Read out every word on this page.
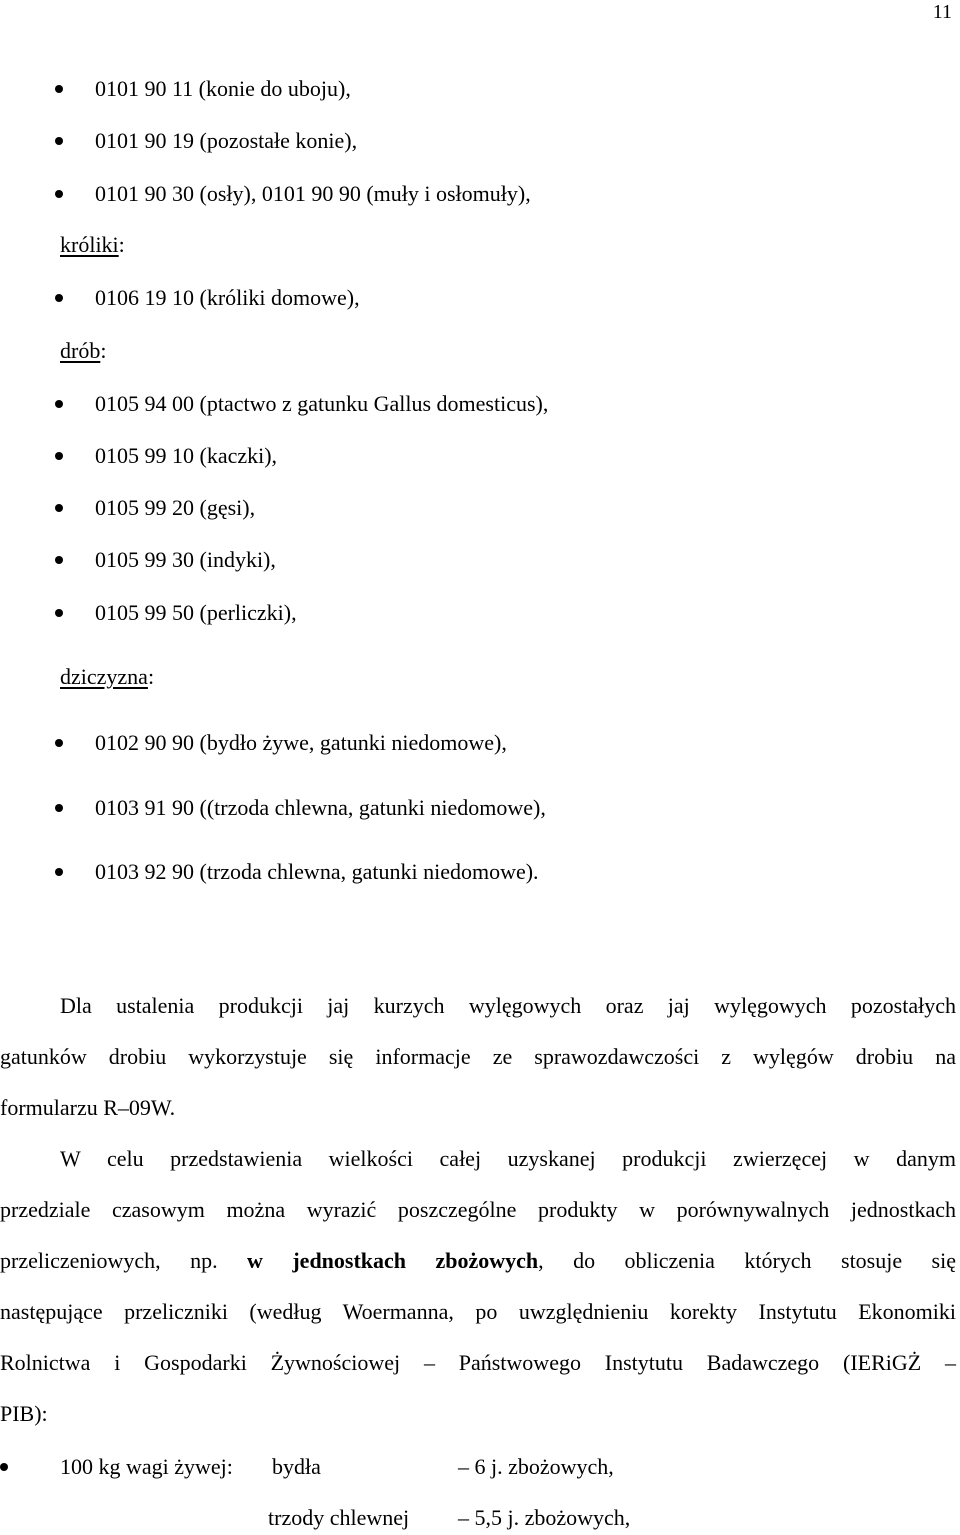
11
0101 90 11 (konie do uboju),
0101 90 19 (pozostałe konie),
0101 90 30 (osły), 0101 90 90 (muły i osłomuły),
króliki:
0106 19 10 (króliki domowe),
drób:
0105 94 00 (ptactwo z gatunku Gallus domesticus),
0105 99 10 (kaczki),
0105 99 20 (gęsi),
0105 99 30 (indyki),
0105 99 50 (perliczki),
dziczyzna:
0102 90 90 (bydło żywe, gatunki niedomowe),
0103 91 90 ((trzoda chlewna, gatunki niedomowe),
0103 92 90 (trzoda chlewna, gatunki niedomowe).
Dla ustalenia produkcji jaj kurzych wylęgowych oraz jaj wylęgowych pozostałych
gatunków drobiu wykorzystuje się informacje ze sprawozdawczości z wylęgów drobiu na
formularzu R–09W.
W celu przedstawienia wielkości całej uzyskanej produkcji zwierzęcej w danym
przedziale czasowym można wyrazić poszczególne produkty w porównywalnych jednostkach
przeliczeniowych, np. w jednostkach zbożowych, do obliczenia których stosuje się
następujące przeliczniki (według Woermanna, po uwzględnieniu korekty Instytutu Ekonomiki
Rolnictwa i Gospodarki Żywnościowej – Państwowego Instytutu Badawczego (IERiGŻ –
PIB):
100 kg wagi żywej: bydła	– 6 j. zbożowych,
trzody chlewnej – 5,5 j. zbożowych,
